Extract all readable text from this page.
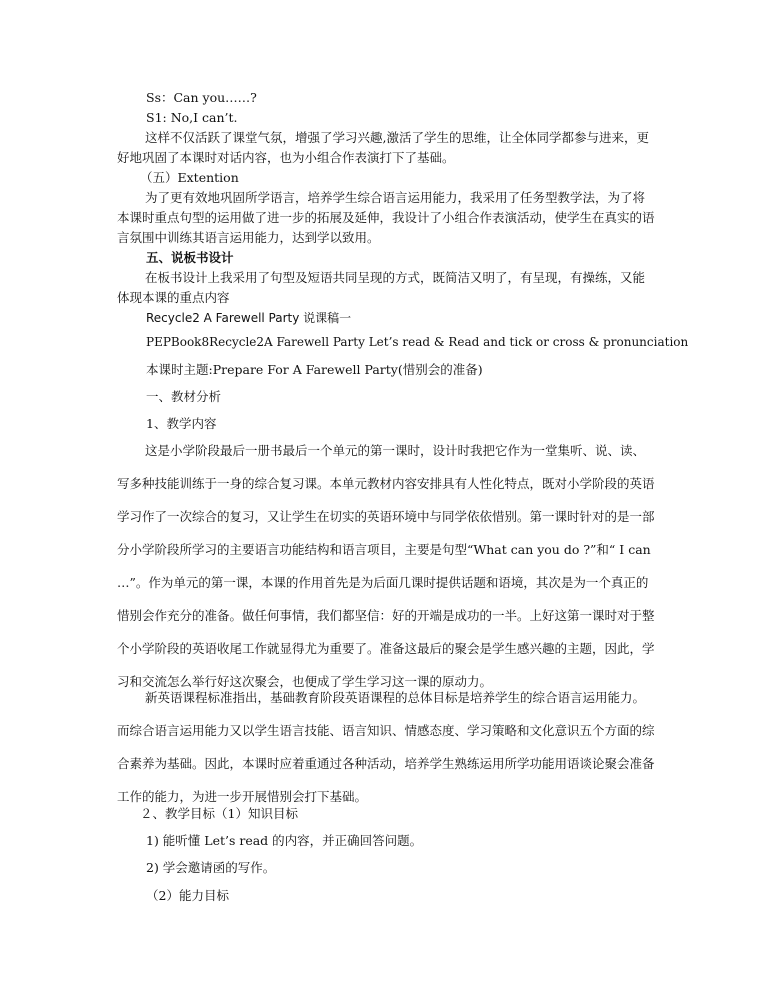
Ss：Can you……?

S1: No,I can’t.

这样不仅活跃了课堂气氛，增强了学习兴趣,激活了学生的思维，让全体同学都参与进来，更好地巩固了本课时对话内容，也为小组合作表演打下了基础。

（五）Extention

为了更有效地巩固所学语言，培养学生综合语言运用能力，我采用了任务型教学法，为了将本课时重点句型的运用做了进一步的拓展及延伸，我设计了小组合作表演活动，使学生在真实的语言氛围中训练其语言运用能力，达到学以致用。

五、说板书设计

在板书设计上我采用了句型及短语共同呈现的方式，既简洁又明了，有呈现，有操练，又能体现本课的重点内容

Recycle2 A Farewell Party 说课稿一

PEPBook8Recycle2A Farewell Party Let’s read & Read and tick or cross & pronunciation

本课时主题:Prepare For A Farewell Party(惜别会的准备)

一、教材分析

1、教学内容

这是小学阶段最后一册书最后一个单元的第一课时，设计时我把它作为一堂集听、说、读、写多种技能训练于一身的综合复习课。本单元教材内容安排具有人性化特点，既对小学阶段的英语学习作了一次综合的复习，又让学生在切实的英语环境中与同学依依惜别。第一课时针对的是一部分小学阶段所学习的主要语言功能结构和语言项目，主要是句型“What can you do ?”和“ I can …”。作为单元的第一课，本课的作用首先是为后面几课时提供话题和语境，其次是为一个真正的惜别会作充分的准备。做任何事情，我们都坚信：好的开端是成功的一半。上好这第一课时对于整个小学阶段的英语收尾工作就显得尤为重要了。准备这最后的聚会是学生感兴趣的主题，因此，学习和交流怎么举行好这次聚会，也便成了学生学习这一课的原动力。

新英语课程标准指出，基础教育阶段英语课程的总体目标是培养学生的综合语言运用能力。而综合语言运用能力又以学生语言技能、语言知识、情感态度、学习策略和文化意识五个方面的综合素养为基础。因此，本课时应着重通过各种活动，培养学生熟练运用所学功能用语谈论聚会准备工作的能力，为进一步开展惜别会打下基础。

２、教学目标（1）知识目标

1) 能听懂 Let’s read 的内容，并正确回答问题。

2) 学会邀请函的写作。

（2）能力目标
